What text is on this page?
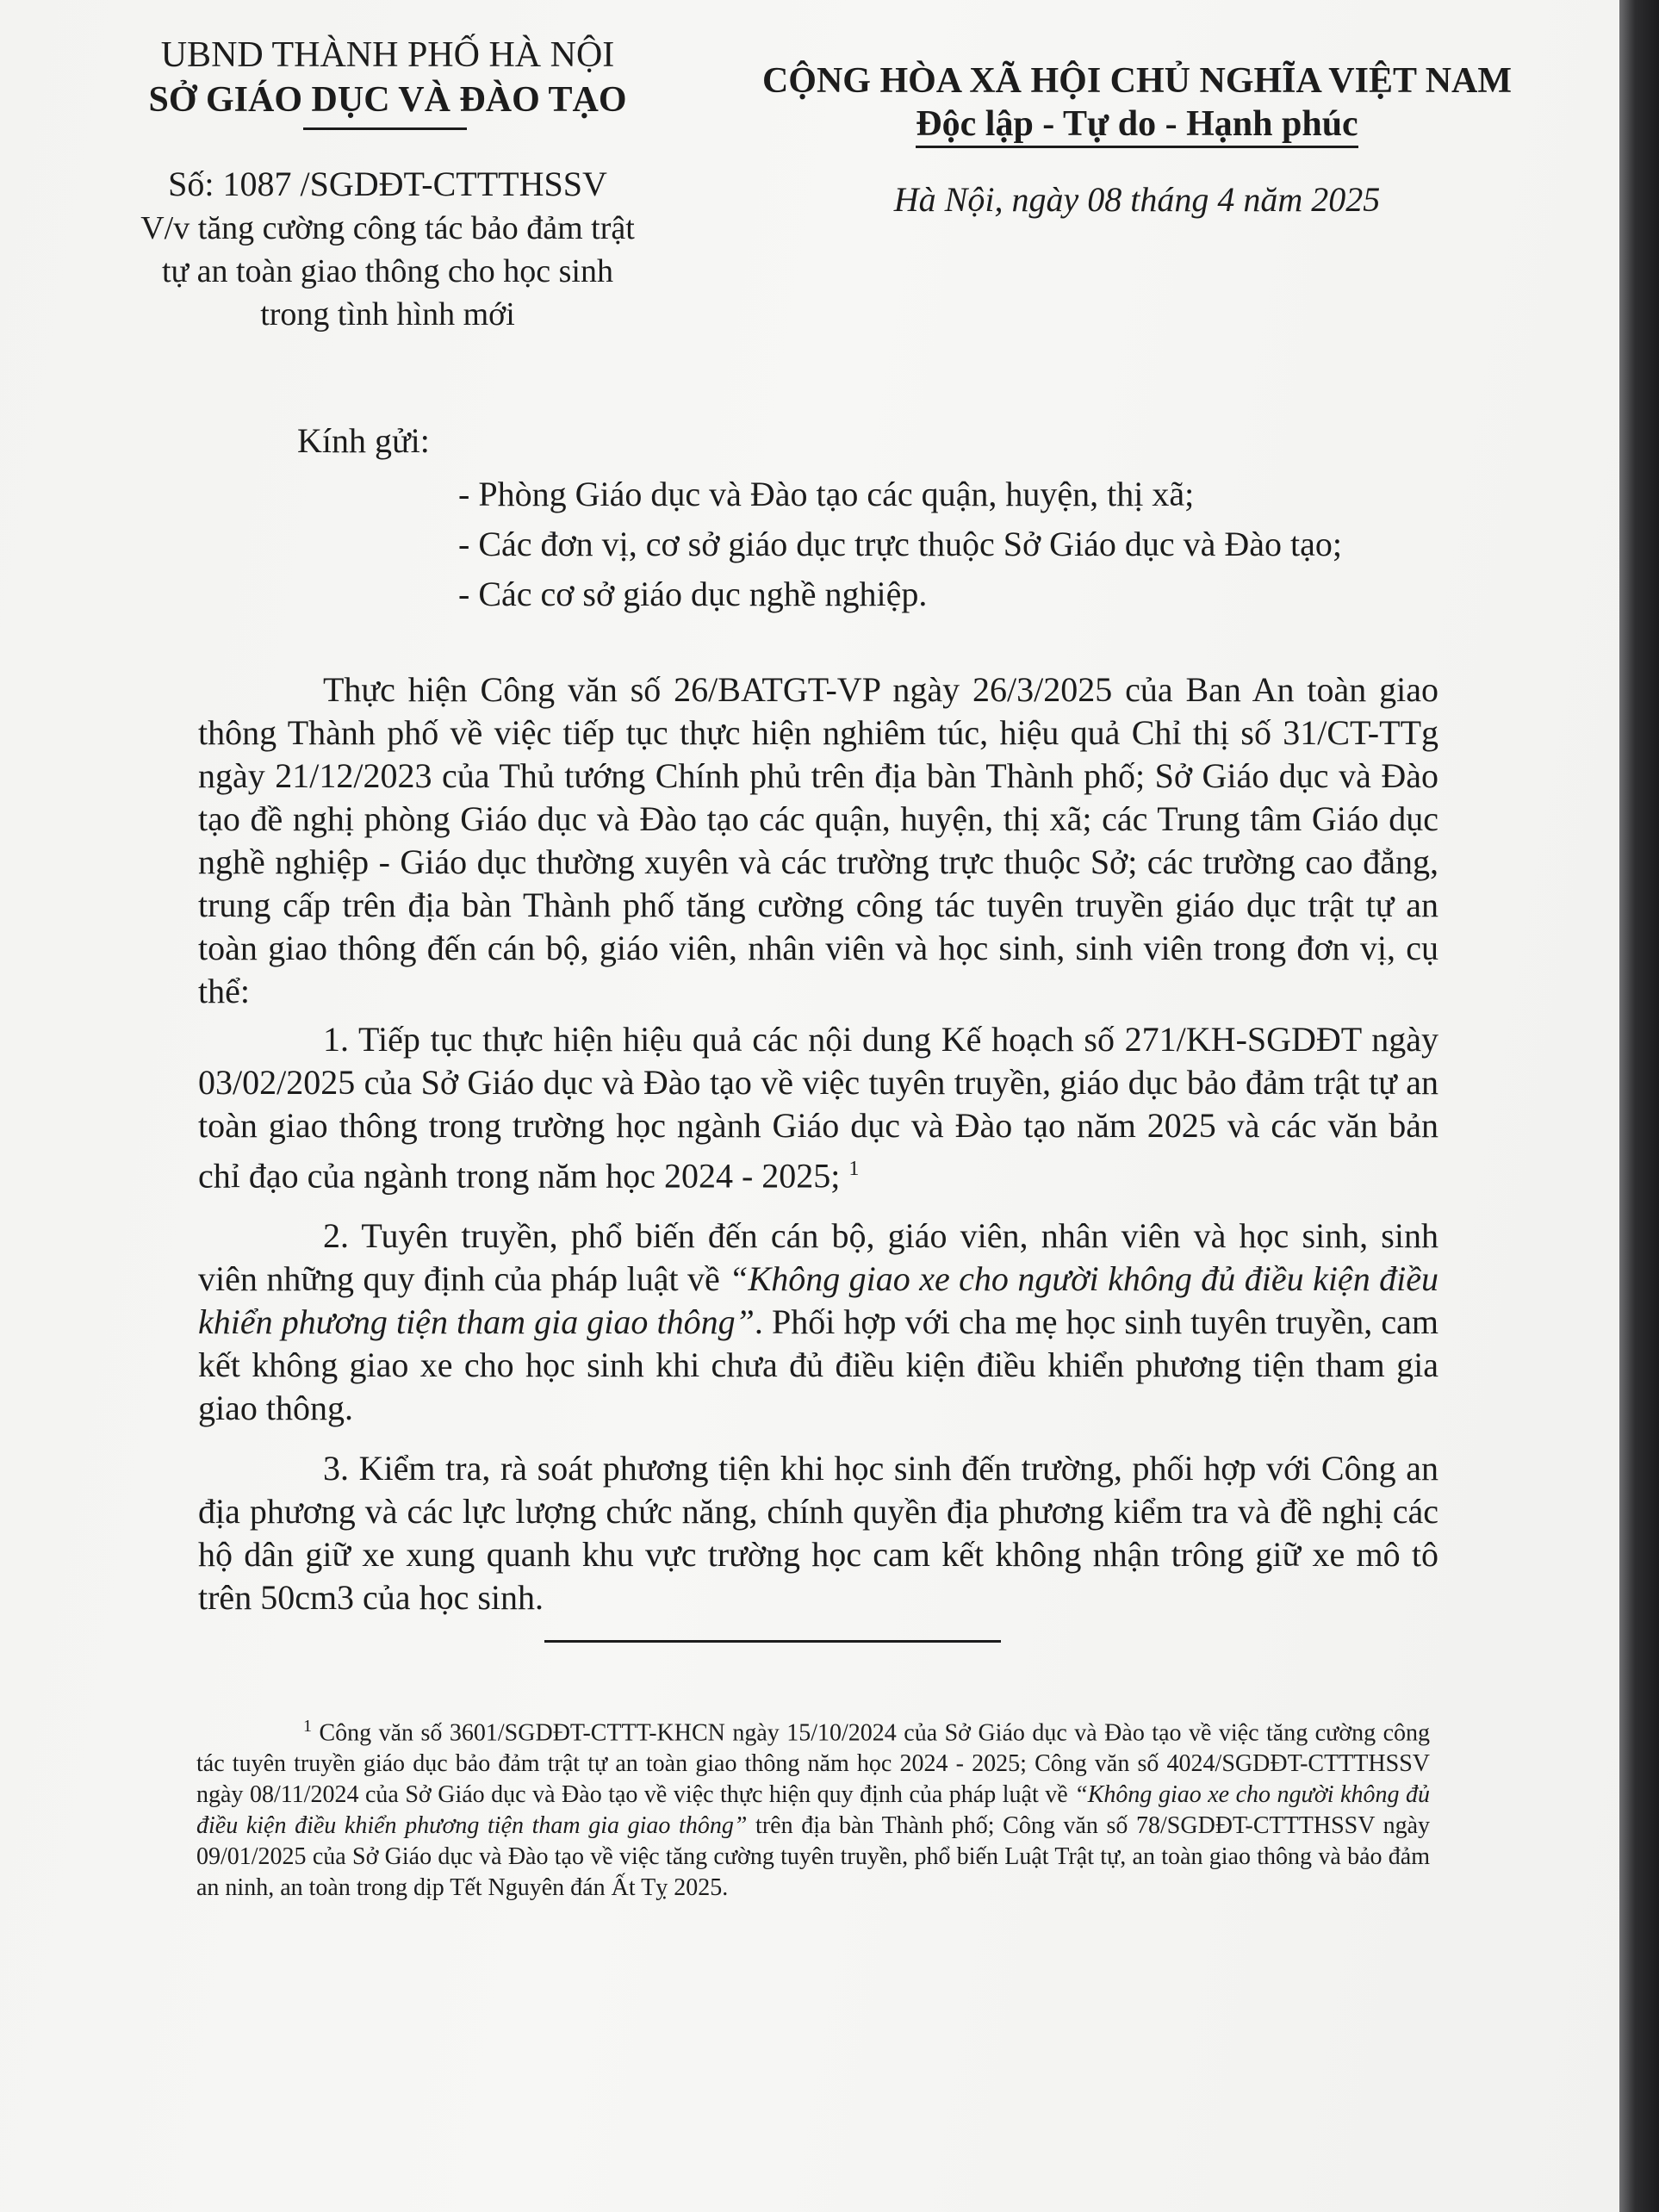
UBND THÀNH PHỐ HÀ NỘI
SỞ GIÁO DỤC VÀ ĐÀO TẠO
Số: 1087 /SGDĐT-CTTTHSSV
V/v tăng cường công tác bảo đảm trật tự an toàn giao thông cho học sinh trong tình hình mới
CỘNG HÒA XÃ HỘI CHỦ NGHĨA VIỆT NAM
Độc lập - Tự do - Hạnh phúc
Hà Nội, ngày 08 tháng 4 năm 2025
Kính gửi:
- Phòng Giáo dục và Đào tạo các quận, huyện, thị xã;
- Các đơn vị, cơ sở giáo dục trực thuộc Sở Giáo dục và Đào tạo;
- Các cơ sở giáo dục nghề nghiệp.

Thực hiện Công văn số 26/BATGT-VP ngày 26/3/2025 của Ban An toàn giao thông Thành phố về việc tiếp tục thực hiện nghiêm túc, hiệu quả Chỉ thị số 31/CT-TTg ngày 21/12/2023 của Thủ tướng Chính phủ trên địa bàn Thành phố; Sở Giáo dục và Đào tạo đề nghị phòng Giáo dục và Đào tạo các quận, huyện, thị xã; các Trung tâm Giáo dục nghề nghiệp - Giáo dục thường xuyên và các trường trực thuộc Sở; các trường cao đẳng, trung cấp trên địa bàn Thành phố tăng cường công tác tuyên truyền giáo dục trật tự an toàn giao thông đến cán bộ, giáo viên, nhân viên và học sinh, sinh viên trong đơn vị, cụ thể:

1. Tiếp tục thực hiện hiệu quả các nội dung Kế hoạch số 271/KH-SGDĐT ngày 03/02/2025 của Sở Giáo dục và Đào tạo về việc tuyên truyền, giáo dục bảo đảm trật tự an toàn giao thông trong trường học ngành Giáo dục và Đào tạo năm 2025 và các văn bản chỉ đạo của ngành trong năm học 2024 - 2025; $^1$

2. Tuyên truyền, phổ biến đến cán bộ, giáo viên, nhân viên và học sinh, sinh viên những quy định của pháp luật về “Không giao xe cho người không đủ điều kiện điều khiển phương tiện tham gia giao thông”. Phối hợp với cha mẹ học sinh tuyên truyền, cam kết không giao xe cho học sinh khi chưa đủ điều kiện điều khiển phương tiện tham gia giao thông.

3. Kiểm tra, rà soát phương tiện khi học sinh đến trường, phối hợp với Công an địa phương và các lực lượng chức năng, chính quyền địa phương kiểm tra và đề nghị các hộ dân giữ xe xung quanh khu vực trường học cam kết không nhận trông giữ xe mô tô trên 50cm3 của học sinh.

$^1$ Công văn số 3601/SGDĐT-CTTT-KHCN ngày 15/10/2024 của Sở Giáo dục và Đào tạo về việc tăng cường công tác tuyên truyền giáo dục bảo đảm trật tự an toàn giao thông năm học 2024 - 2025; Công văn số 4024/SGDĐT-CTTTHSSV ngày 08/11/2024 của Sở Giáo dục và Đào tạo về việc thực hiện quy định của pháp luật về “Không giao xe cho người không đủ điều kiện điều khiển phương tiện tham gia giao thông” trên địa bàn Thành phố; Công văn số 78/SGDĐT-CTTTHSSV ngày 09/01/2025 của Sở Giáo dục và Đào tạo về việc tăng cường tuyên truyền, phổ biến Luật Trật tự, an toàn giao thông và bảo đảm an ninh, an toàn trong dịp Tết Nguyên đán Ất Tỵ 2025.
